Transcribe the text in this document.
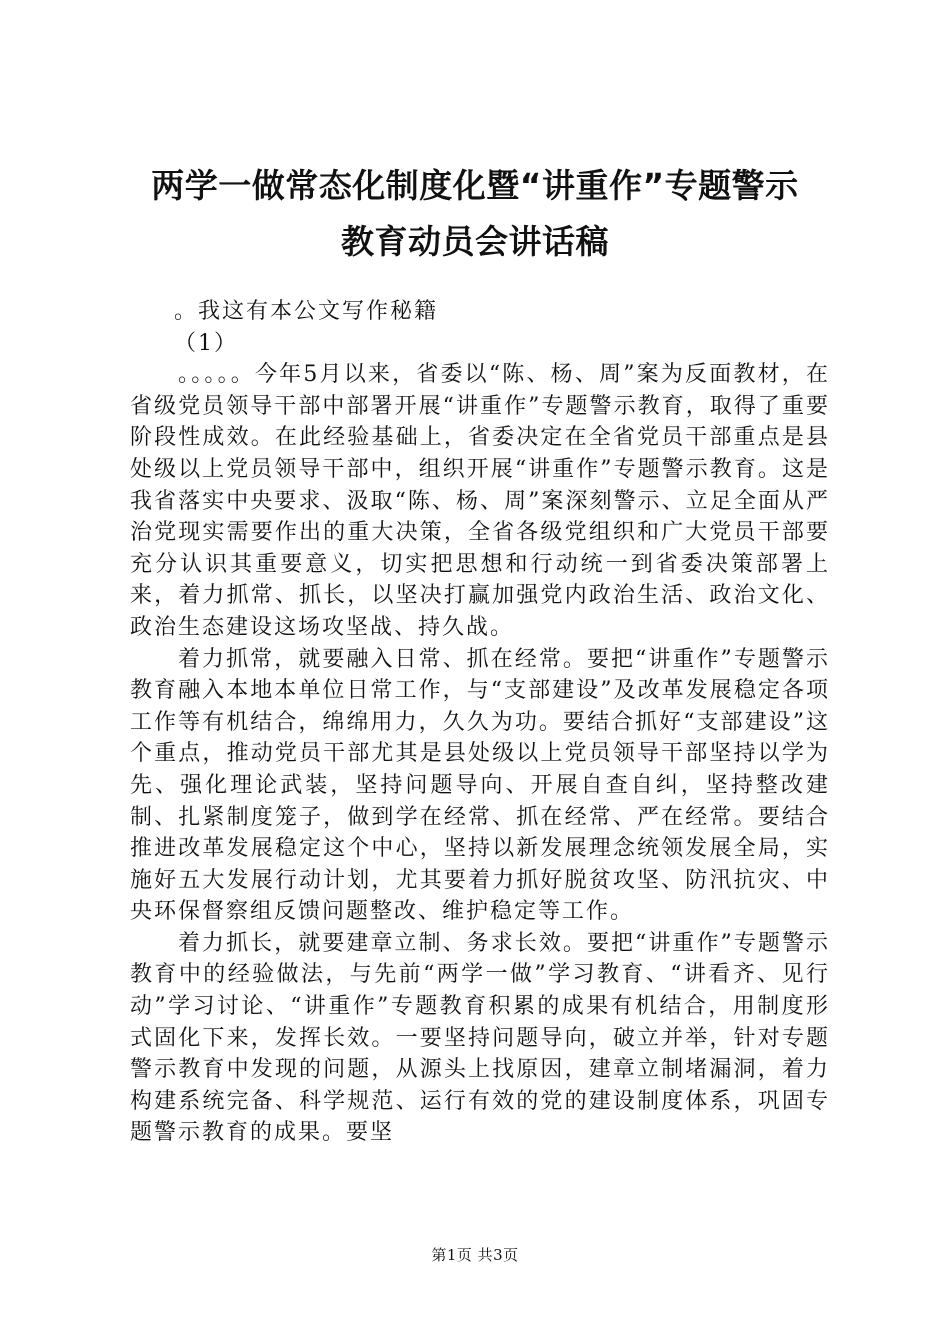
两学一做常态化制度化暨“讲重作”专题警示
教育动员会讲话稿

。我这有本公文写作秘籍

（1）

。。。。。今年5月以来，省委以“陈、杨、周”案为反面教材，在省级党员领导干部中部署开展“讲重作”专题警示教育，取得了重要阶段性成效。在此经验基础上，省委决定在全省党员干部重点是县处级以上党员领导干部中，组织开展“讲重作”专题警示教育。这是我省落实中央要求、汲取“陈、杨、周”案深刻警示、立足全面从严治党现实需要作出的重大决策，全省各级党组织和广大党员干部要充分认识其重要意义，切实把思想和行动统一到省委决策部署上来，着力抓常、抓长，以坚决打赢加强党内政治生活、政治文化、政治生态建设这场攻坚战、持久战。

着力抓常，就要融入日常、抓在经常。要把“讲重作”专题警示教育融入本地本单位日常工作，与“支部建设”及改革发展稳定各项工作等有机结合，绵绵用力，久久为功。要结合抓好“支部建设”这个重点，推动党员干部尤其是县处级以上党员领导干部坚持以学为先、强化理论武装，坚持问题导向、开展自查自纠，坚持整改建制、扎紧制度笼子，做到学在经常、抓在经常、严在经常。要结合推进改革发展稳定这个中心，坚持以新发展理念统领发展全局，实施好五大发展行动计划，尤其要着力抓好脱贫攻坚、防汛抗灾、中央环保督察组反馈问题整改、维护稳定等工作。

着力抓长，就要建章立制、务求长效。要把“讲重作”专题警示教育中的经验做法，与先前“两学一做”学习教育、“讲看齐、见行动”学习讨论、“讲重作”专题教育积累的成果有机结合，用制度形式固化下来，发挥长效。一要坚持问题导向，破立并举，针对专题警示教育中发现的问题，从源头上找原因，建章立制堵漏洞，着力构建系统完备、科学规范、运行有效的党的建设制度体系，巩固专题警示教育的成果。要坚

第1页 共3页
